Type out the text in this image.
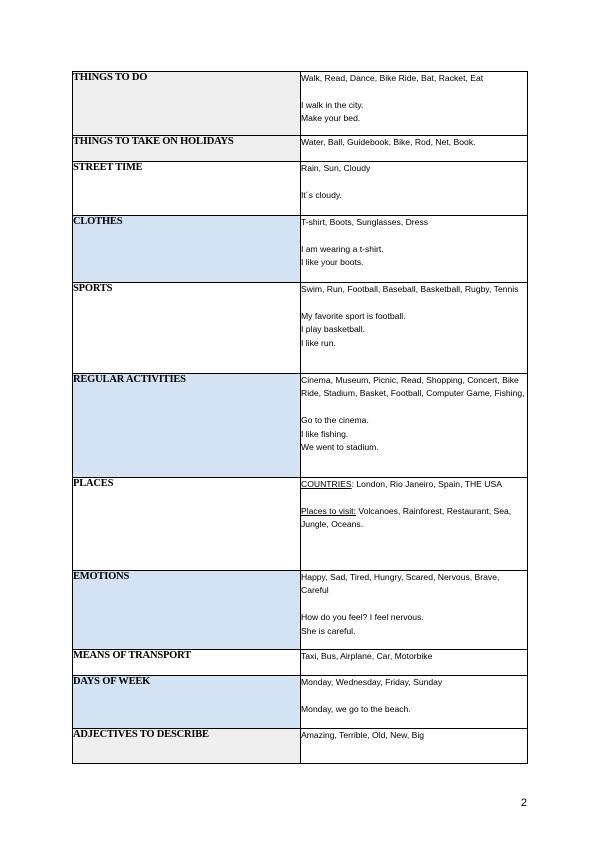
THINGS TO DO	Walk, Read, Dance, Bike Ride, Bat, Racket, Eat
I walk in the city.
Make your bed.

THINGS TO TAKE ON HOLIDAYS	Water, Ball, Guidebook, Bike, Rod, Net, Book.

STREET TIME	Rain, Sun, Cloudy
It´s cloudy.

CLOTHES	T-shirt, Boots, Sunglasses, Dress
I am wearing a t-shirt.
I like your boots.

SPORTS	Swim, Run, Football, Baseball, Basketball, Rugby, Tennis
My favorite sport is football.
I play basketball.
I like run.

REGULAR ACTIVITIES	Cinema, Museum, Picnic, Read, Shopping, Concert, Bike Ride, Stadium, Basket, Football, Computer Game, Fishing,
Go to the cinema.
I like fishing.
We went to stadium.

PLACES	COUNTRIES: London, Rio Janeiro, Spain, THE USA
Places to visit: Volcanoes, Rainforest, Restaurant, Sea, Jungle, Oceans.

EMOTIONS	Happy, Sad, Tired, Hungry, Scared, Nervous, Brave, Careful
How do you feel? I feel nervous.
She is careful.

MEANS OF TRANSPORT	Taxi, Bus, Airplane, Car, Motorbike

DAYS OF WEEK	Monday, Wednesday, Friday, Sunday
Monday, we go to the beach.

ADJECTIVES TO DESCRIBE	Amazing, Terrible, Old, New, Big
2
